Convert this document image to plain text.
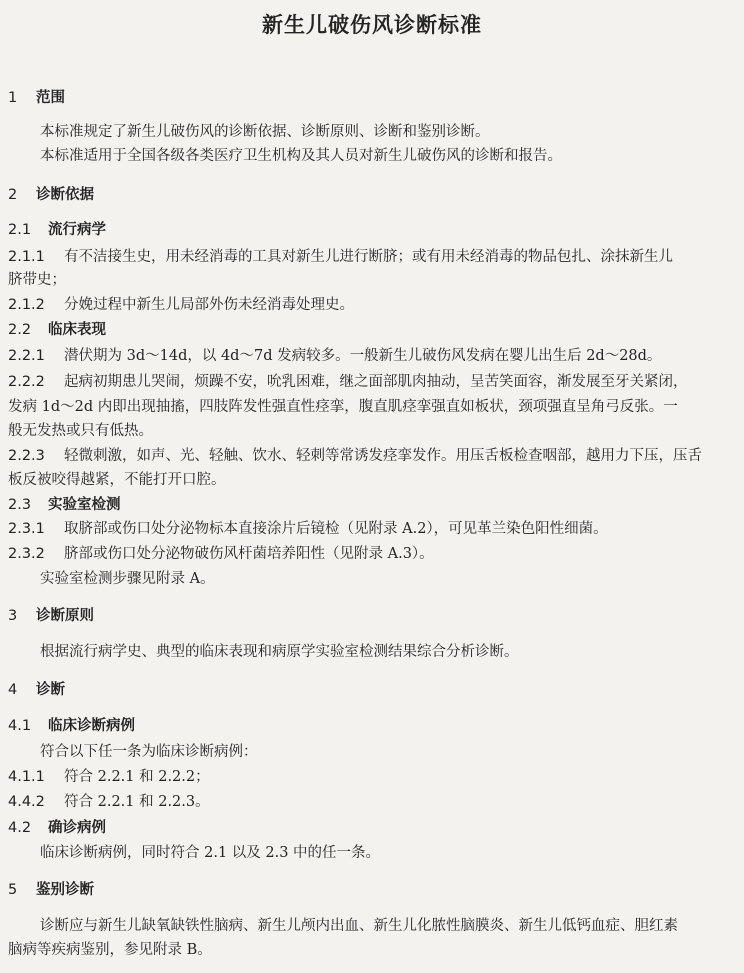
新生儿破伤风诊断标准
1 范围
本标准规定了新生儿破伤风的诊断依据、诊断原则、诊断和鉴别诊断。
本标准适用于全国各级各类医疗卫生机构及其人员对新生儿破伤风的诊断和报告。
2 诊断依据
2.1 流行病学
2.1.1 有不洁接生史，用未经消毒的工具对新生儿进行断脐；或有用未经消毒的物品包扎、涂抹新生儿
脐带史；
2.1.2 分娩过程中新生儿局部外伤未经消毒处理史。
2.2 临床表现
2.2.1 潜伏期为 3d～14d，以 4d～7d 发病较多。一般新生儿破伤风发病在婴儿出生后 2d～28d。
2.2.2 起病初期患儿哭闹，烦躁不安，吮乳困难，继之面部肌肉抽动，呈苦笑面容，渐发展至牙关紧闭，
发病 1d～2d 内即出现抽搐，四肢阵发性强直性痉挛，腹直肌痉挛强直如板状，颈项强直呈角弓反张。一
般无发热或只有低热。
2.2.3 轻微刺激，如声、光、轻触、饮水、轻刺等常诱发痉挛发作。用压舌板检查咽部，越用力下压，压舌
板反被咬得越紧，不能打开口腔。
2.3 实验室检测
2.3.1 取脐部或伤口处分泌物标本直接涂片后镜检（见附录 A.2），可见革兰染色阳性细菌。
2.3.2 脐部或伤口处分泌物破伤风杆菌培养阳性（见附录 A.3）。
实验室检测步骤见附录 A。
3 诊断原则
根据流行病学史、典型的临床表现和病原学实验室检测结果综合分析诊断。
4 诊断
4.1 临床诊断病例
符合以下任一条为临床诊断病例：
4.1.1 符合 2.2.1 和 2.2.2；
4.4.2 符合 2.2.1 和 2.2.3。
4.2 确诊病例
临床诊断病例，同时符合 2.1 以及 2.3 中的任一条。
5 鉴别诊断
诊断应与新生儿缺氧缺铁性脑病、新生儿颅内出血、新生儿化脓性脑膜炎、新生儿低钙血症、胆红素
脑病等疾病鉴别，参见附录 B。
